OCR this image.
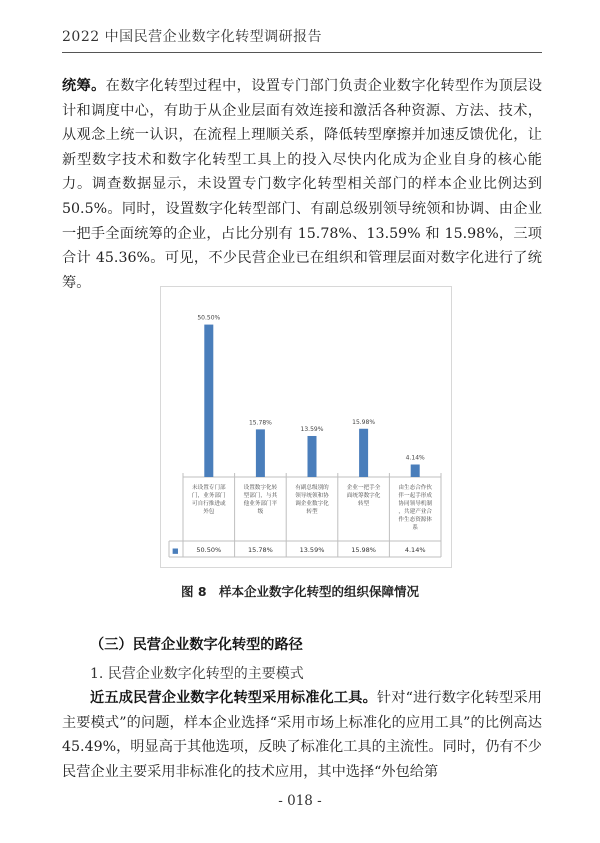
2022 中国民营企业数字化转型调研报告

统筹。在数字化转型过程中，设置专门部门负责企业数字化转型作为顶层设计和调度中心，有助于从企业层面有效连接和激活各种资源、方法、技术，从观念上统一认识，在流程上理顺关系，降低转型摩擦并加速反馈优化，让新型数字技术和数字化转型工具上的投入尽快内化成为企业自身的核心能力。调查数据显示，未设置专门数字化转型相关部门的样本企业比例达到 50.5%。同时，设置数字化转型部门、有副总级别领导统领和协调、由企业一把手全面统筹的企业，占比分别有 15.78%、13.59% 和 15.98%，三项合计 45.36%。可见，不少民营企业已在组织和管理层面对数字化进行了统筹。

■
50.50%
未设置专门部门，业务部门可自行推进或外包
50.50%
15.78%
设置数字化转型部门，与其他业务部门平级
15.78%
13.59%
有副总级别的领导统领和协调企业数字化转型
13.59%
15.98%
企业一把手全面统筹数字化转型
15.98%
4.14%
由生态合作伙伴一起手形成协同领导机制，共建产业合作生态资源体系
4.14%
图 8　样本企业数字化转型的组织保障情况
（三）民营企业数字化转型的路径
1. 民营企业数字化转型的主要模式

近五成民营企业数字化转型采用标准化工具。针对“进行数字化转型采用主要模式”的问题，样本企业选择“采用市场上标准化的应用工具”的比例高达 45.49%，明显高于其他选项，反映了标准化工具的主流性。同时，仍有不少民营企业主要采用非标准化的技术应用，其中选择“外包给第

- 018 -
